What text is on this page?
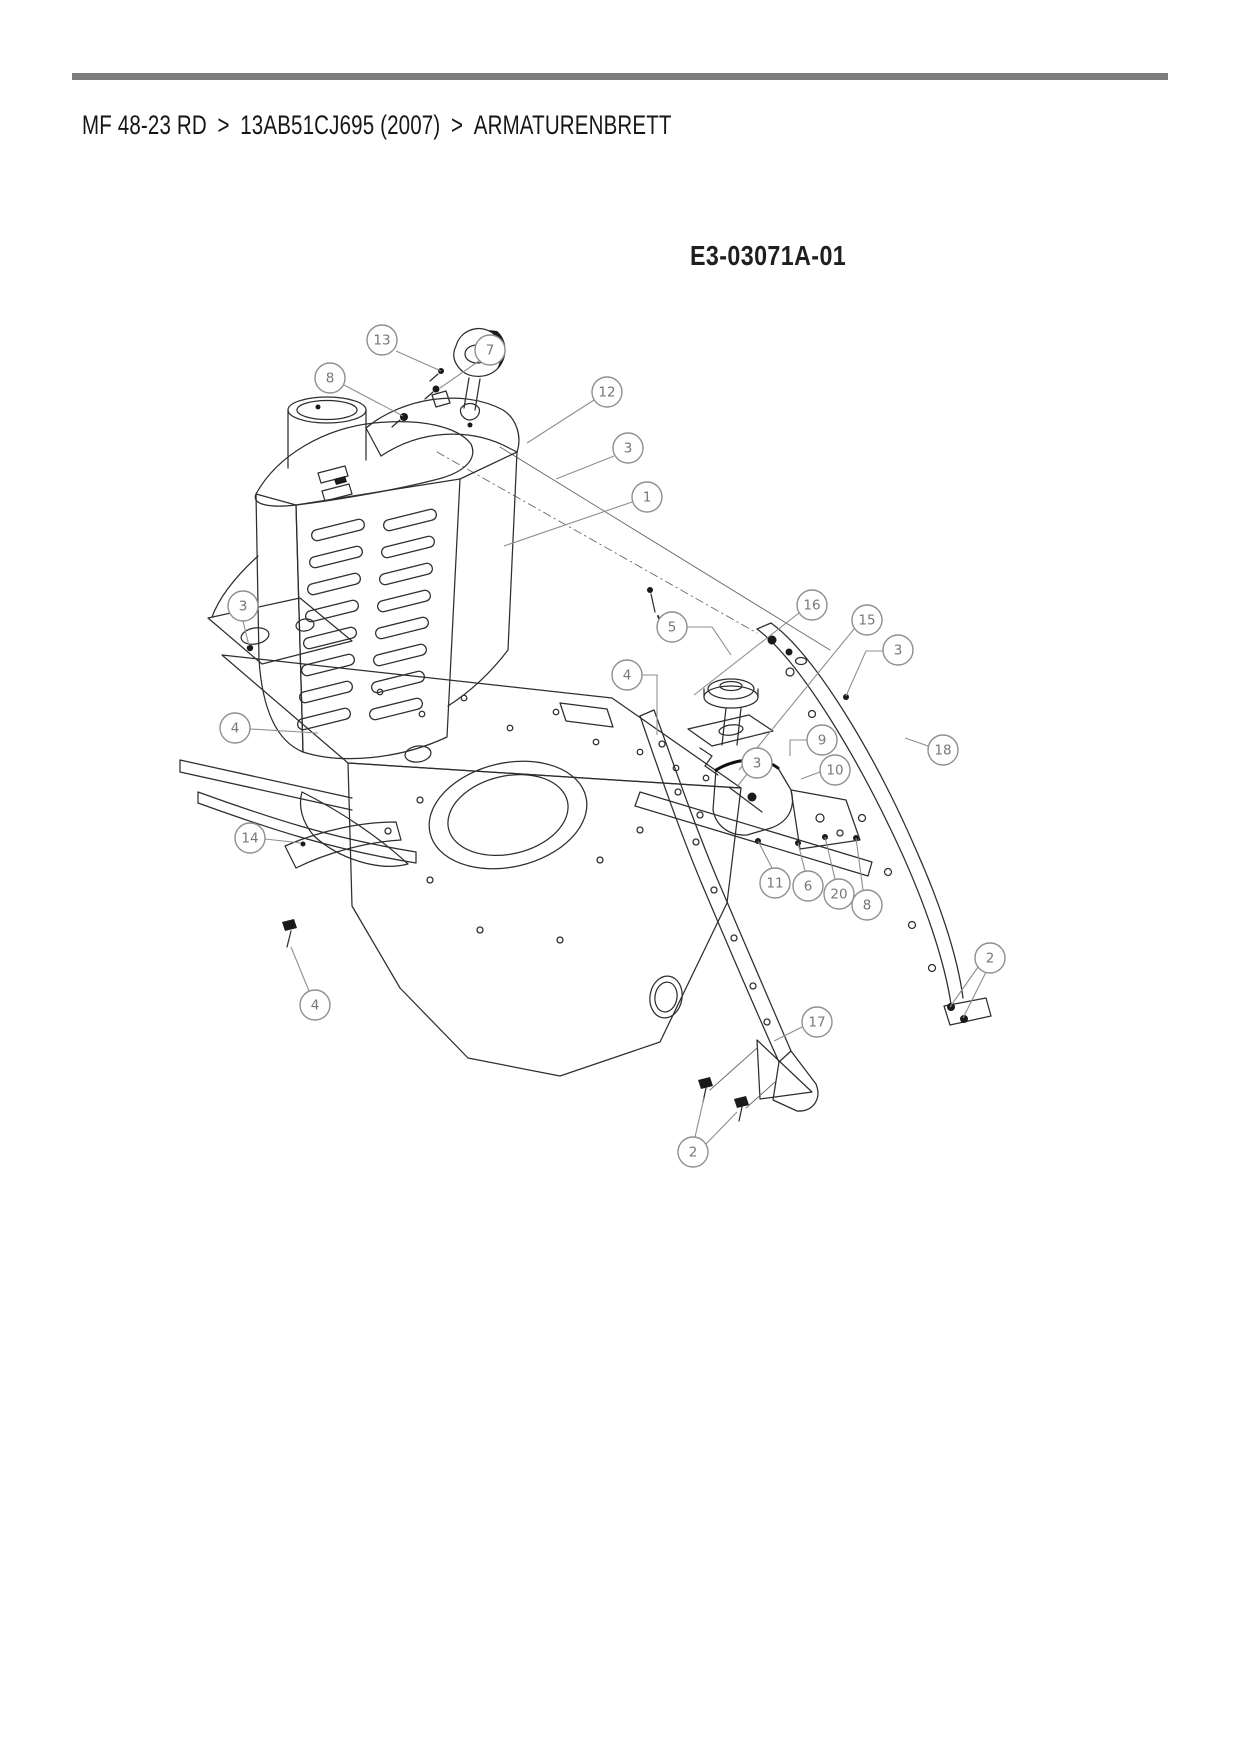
MF 48-23 RD > 13AB51CJ695 (2007) > ARMATURENBRETT
E3-03071A-01
13
7
8
12
3
1
3
4
5
4
16
15
3
18
9
10
3
11 6 20
8
14
4
2
17
2
